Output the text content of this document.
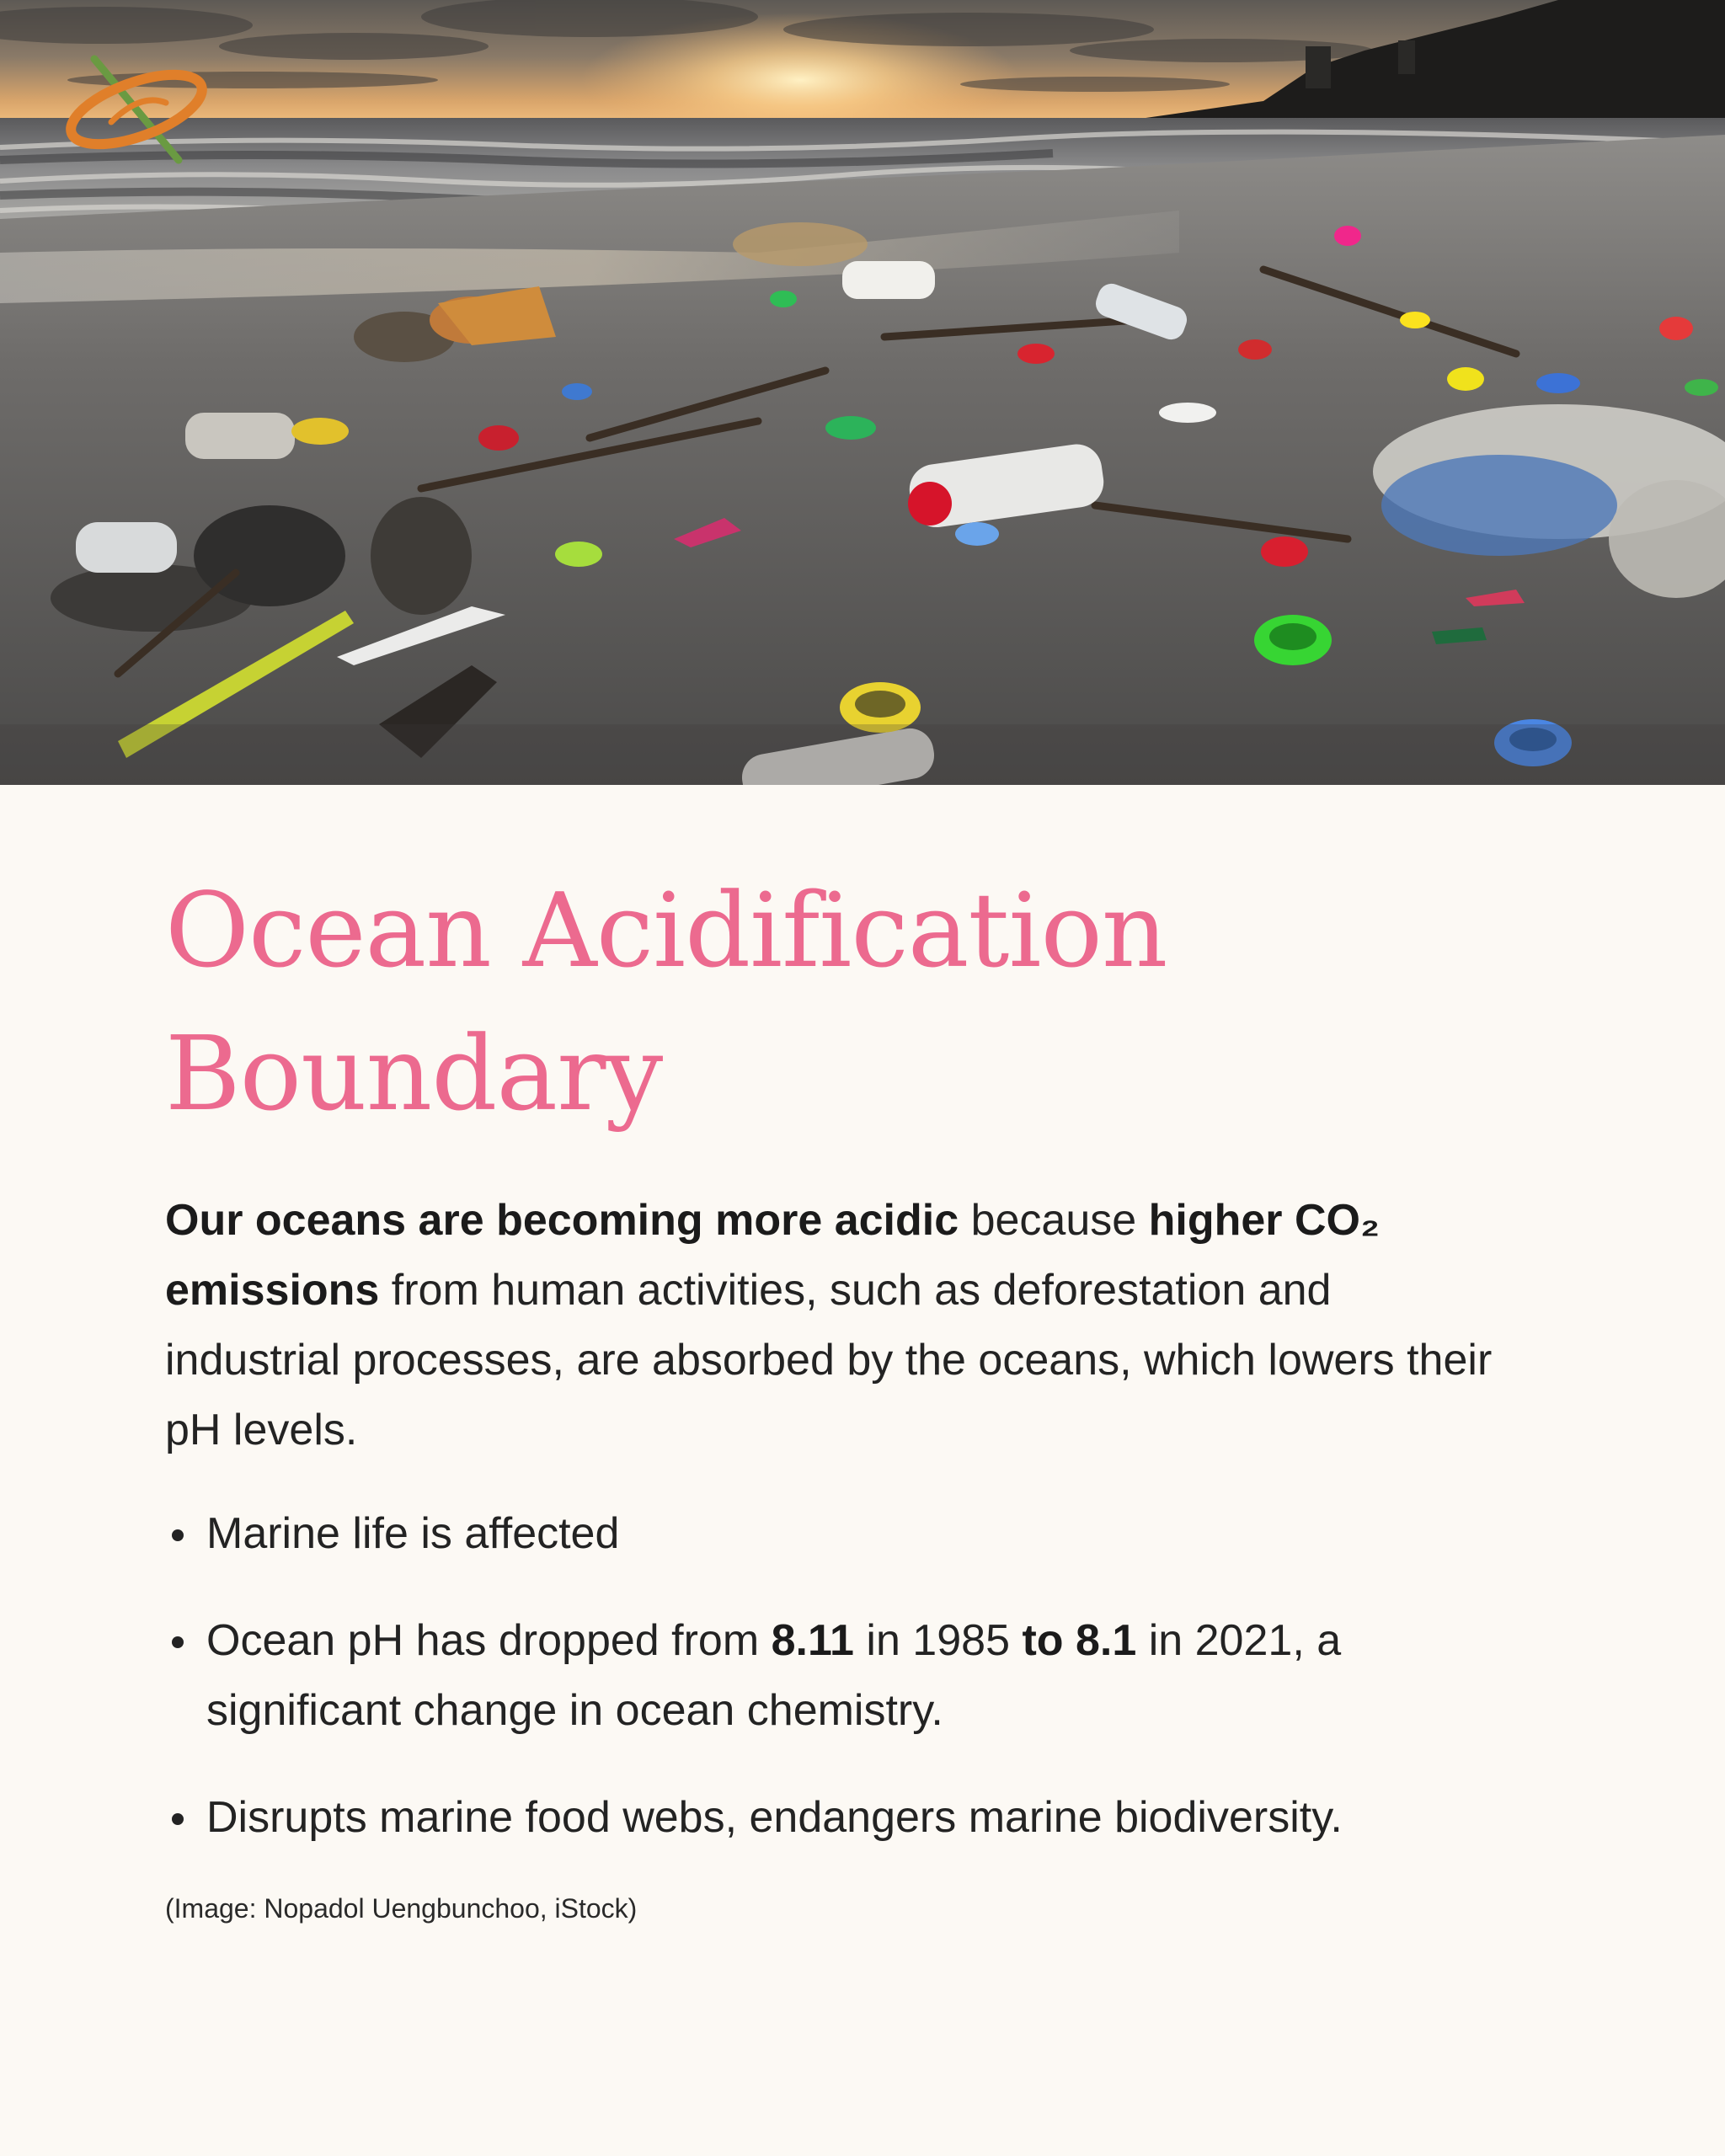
Ocean Acidification
Boundary

Our oceans are becoming more acidic because higher CO₂ emissions from human activities, such as deforestation and industrial processes, are absorbed by the oceans, which lowers their pH levels.

Marine life is affected
Ocean pH has dropped from 8.11 in 1985 to 8.1 in 2021, a significant change in ocean chemistry.
Disrupts marine food webs, endangers marine biodiversity.

(Image: Nopadol Uengbunchoo, iStock)
